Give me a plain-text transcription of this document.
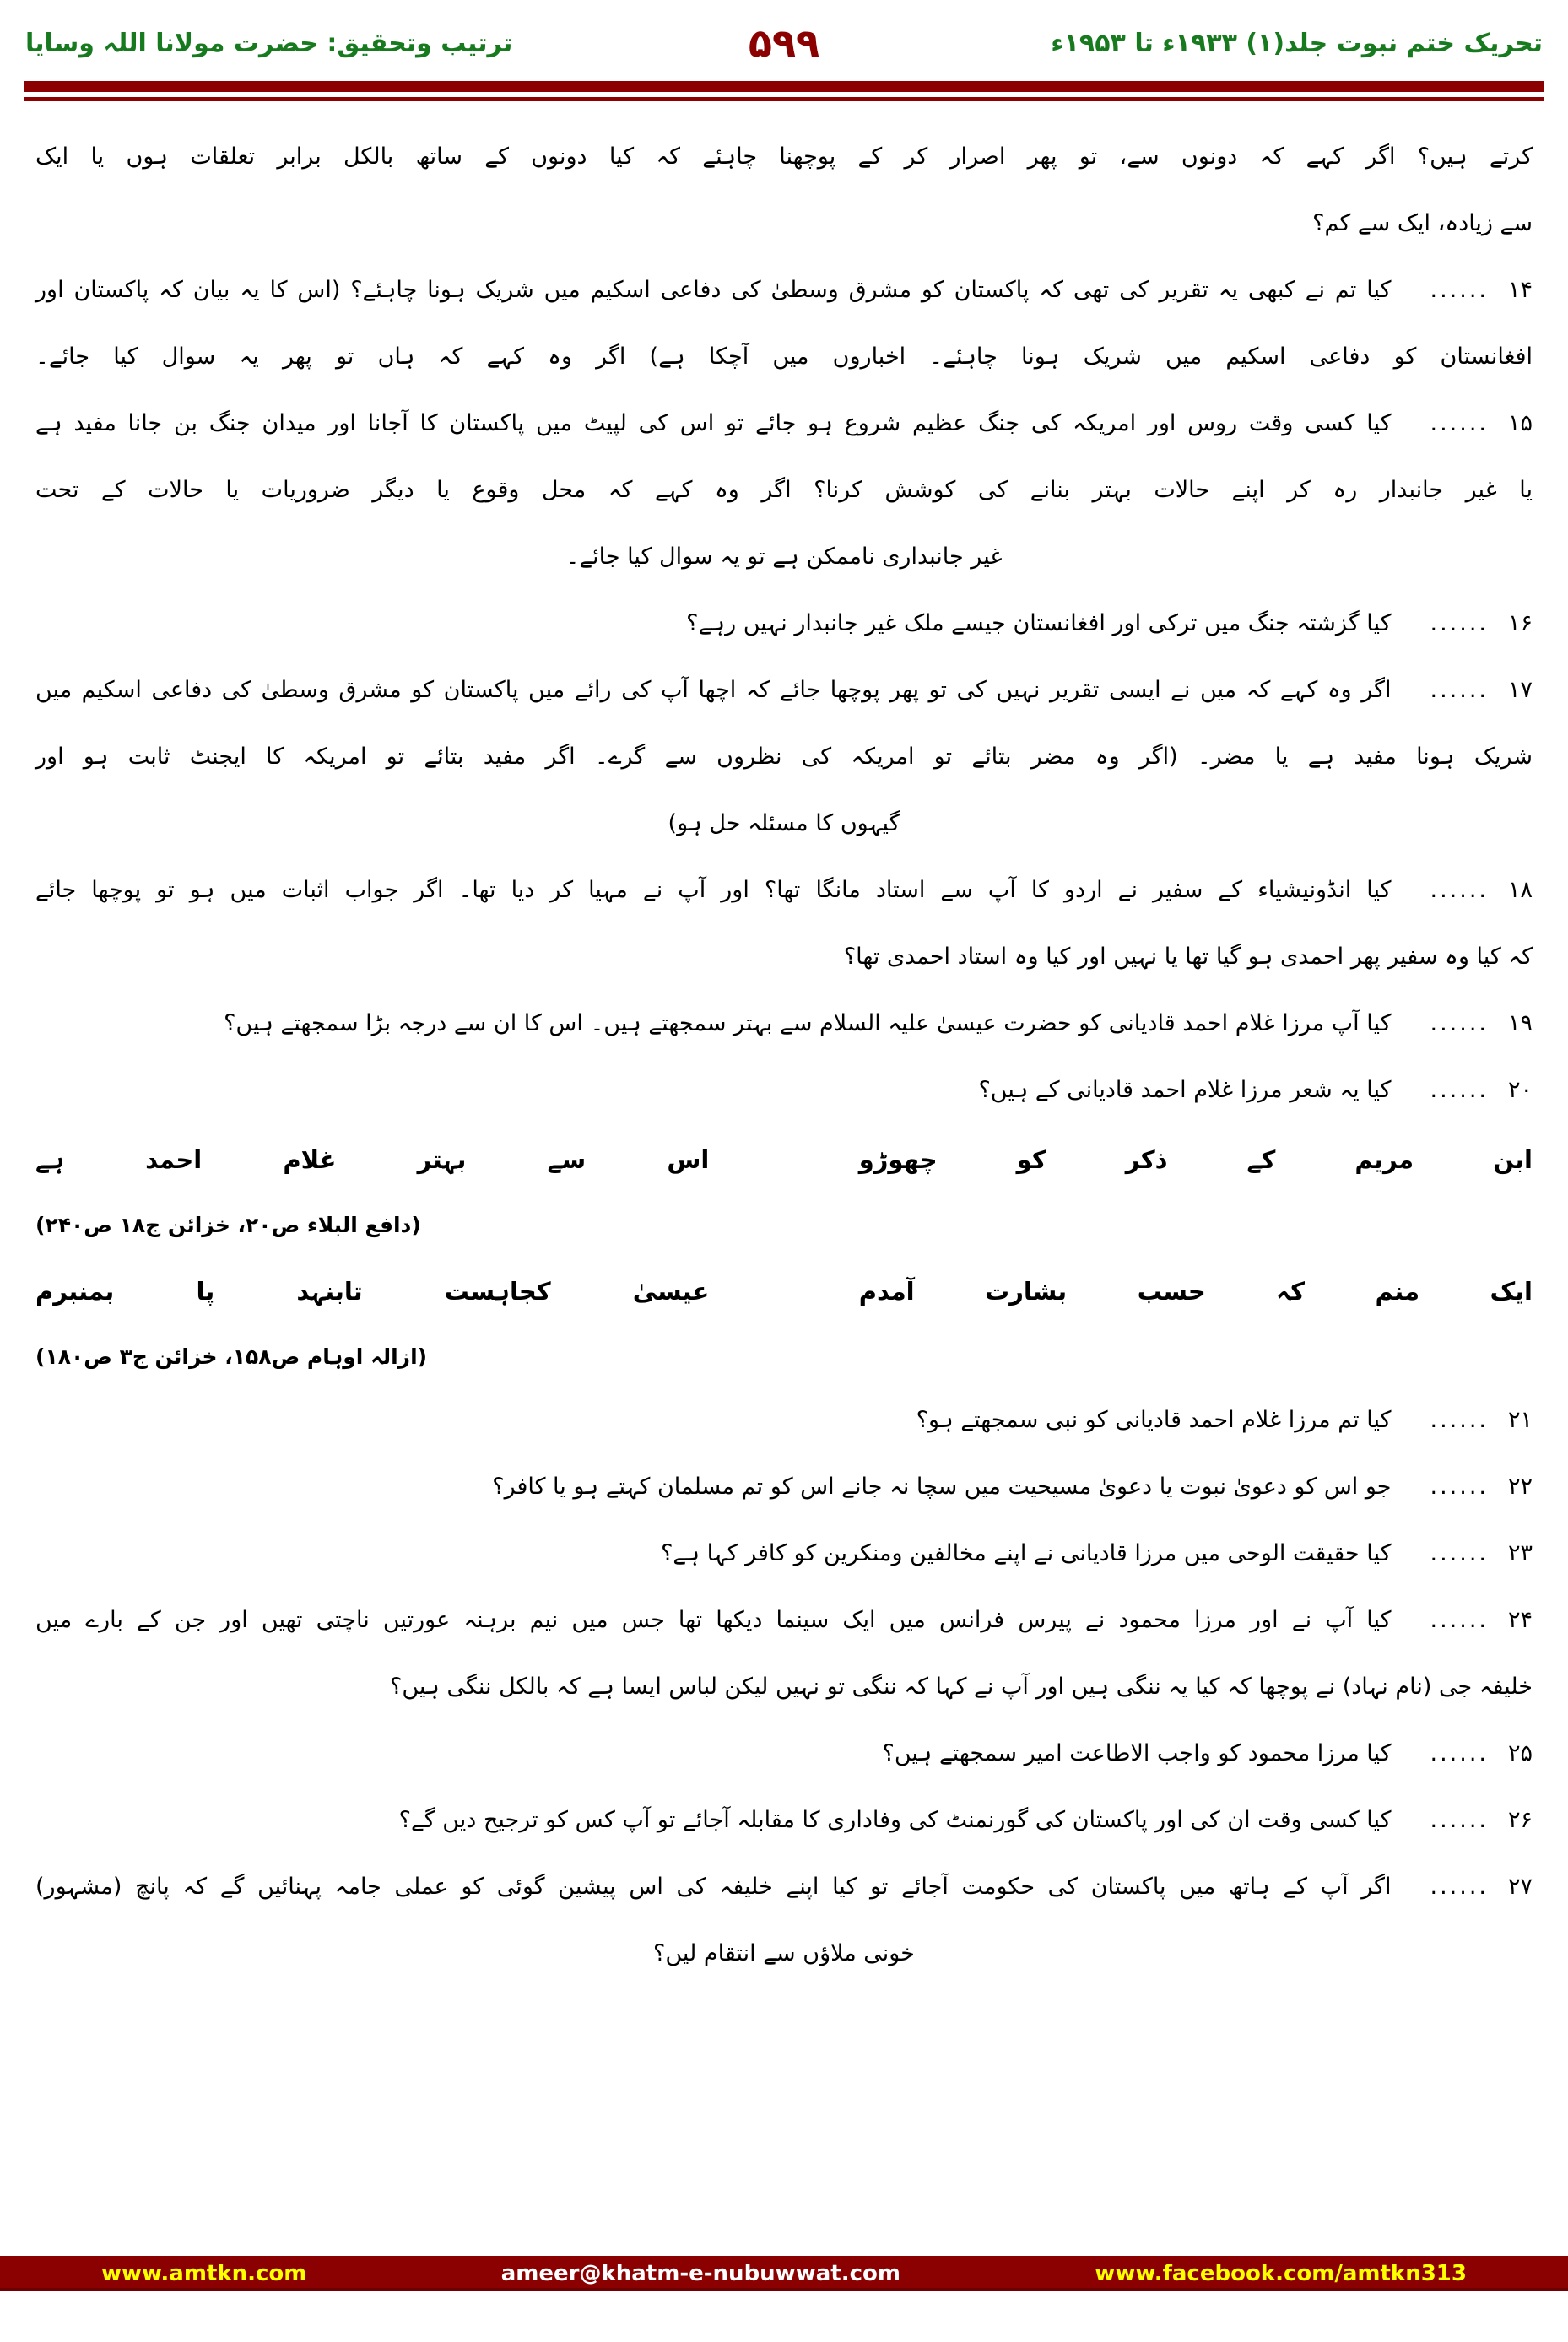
تحریک ختم نبوت جلد(۱) ۱۹۳۳ء تا ۱۹۵۳ء
۵۹۹
ترتیب وتحقیق: حضرت مولانا اللہ وسایا
کرتے ہیں؟ اگر کہے کہ دونوں سے، تو پھر اصرار کر کے پوچھنا چاہئے کہ کیا دونوں کے ساتھ بالکل برابر تعلقات ہوں یا ایک
سے زیادہ، ایک سے کم؟
۱۴
......
کیا تم نے کبھی یہ تقریر کی تھی کہ پاکستان کو مشرق وسطیٰ کی دفاعی اسکیم میں شریک ہونا چاہئے؟ (اس کا یہ بیان کہ پاکستان اور
افغانستان کو دفاعی اسکیم میں شریک ہونا چاہئے۔ اخباروں میں آچکا ہے) اگر وہ کہے کہ ہاں تو پھر یہ سوال کیا جائے۔
۱۵
......
کیا کسی وقت روس اور امریکہ کی جنگ عظیم شروع ہو جائے تو اس کی لپیٹ میں پاکستان کا آجانا اور میدان جنگ بن جانا مفید ہے
یا غیر جانبدار رہ کر اپنے حالات بہتر بنانے کی کوشش کرنا؟ اگر وہ کہے کہ محل وقوع یا دیگر ضروریات یا حالات کے تحت
غیر جانبداری ناممکن ہے تو یہ سوال کیا جائے۔
۱۶
......
کیا گزشتہ جنگ میں ترکی اور افغانستان جیسے ملک غیر جانبدار نہیں رہے؟
۱۷
......
اگر وہ کہے کہ میں نے ایسی تقریر نہیں کی تو پھر پوچھا جائے کہ اچھا آپ کی رائے میں پاکستان کو مشرق وسطیٰ کی دفاعی اسکیم میں
شریک ہونا مفید ہے یا مضر۔ (اگر وہ مضر بتائے تو امریکہ کی نظروں سے گرے۔ اگر مفید بتائے تو امریکہ کا ایجنٹ ثابت ہو اور
گیہوں کا مسئلہ حل ہو)
۱۸
......
کیا انڈونیشیاء کے سفیر نے اردو کا آپ سے استاد مانگا تھا؟ اور آپ نے مہیا کر دیا تھا۔ اگر جواب اثبات میں ہو تو پوچھا جائے
کہ کیا وہ سفیر پھر احمدی ہو گیا تھا یا نہیں اور کیا وہ استاد احمدی تھا؟
۱۹
......
کیا آپ مرزا غلام احمد قادیانی کو حضرت عیسیٰ علیہ السلام سے بہتر سمجھتے ہیں۔ اس کا ان سے درجہ بڑا سمجھتے ہیں؟
۲۰
......
کیا یہ شعر مرزا غلام احمد قادیانی کے ہیں؟
ابن مریم کے ذکر کو چھوڑو
اس سے بہتر غلام احمد ہے
(دافع البلاء ص۲۰، خزائن ج۱۸ ص۲۴۰)
ایک منم کہ حسب بشارت آمدم
عیسیٰ کجاہست تابنہد پا بمنبرم
(ازالہ اوہام ص۱۵۸، خزائن ج۳ ص۱۸۰)
۲۱
......
کیا تم مرزا غلام احمد قادیانی کو نبی سمجھتے ہو؟
۲۲
......
جو اس کو دعویٰ نبوت یا دعویٰ مسیحیت میں سچا نہ جانے اس کو تم مسلمان کہتے ہو یا کافر؟
۲۳
......
کیا حقیقت الوحی میں مرزا قادیانی نے اپنے مخالفین ومنکرین کو کافر کہا ہے؟
۲۴
......
کیا آپ نے اور مرزا محمود نے پیرس فرانس میں ایک سینما دیکھا تھا جس میں نیم برہنہ عورتیں ناچتی تھیں اور جن کے بارے میں
خلیفہ جی (نام نہاد) نے پوچھا کہ کیا یہ ننگی ہیں اور آپ نے کہا کہ ننگی تو نہیں لیکن لباس ایسا ہے کہ بالکل ننگی ہیں؟
۲۵
......
کیا مرزا محمود کو واجب الاطاعت امیر سمجھتے ہیں؟
۲۶
......
کیا کسی وقت ان کی اور پاکستان کی گورنمنٹ کی وفاداری کا مقابلہ آجائے تو آپ کس کو ترجیح دیں گے؟
۲۷
......
اگر آپ کے ہاتھ میں پاکستان کی حکومت آجائے تو کیا اپنے خلیفہ کی اس پیشین گوئی کو عملی جامہ پہنائیں گے کہ پانچ (مشہور)
خونی ملاؤں سے انتقام لیں؟
www.amtkn.com	ameer@khatm-e-nubuwwat.com	www.facebook.com/amtkn313
